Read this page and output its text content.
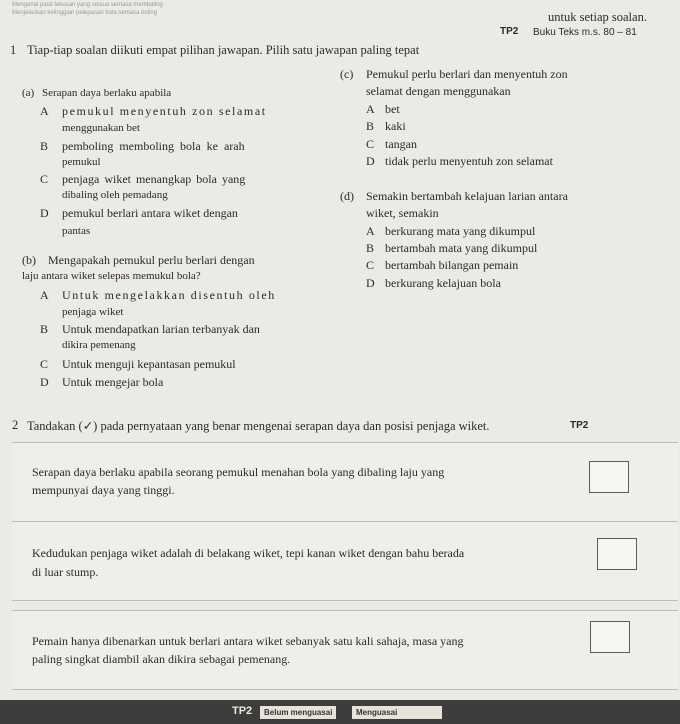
Mengenal pasti tekusan yang sesuai semasa membaling
Menjelaskan kelinggian pelepasan bola semasa boling	untuk setiap soalan.
TP2 Buku Teks m.s. 80 – 81
1 Tiap-tiap soalan diikuti empat pilihan jawapan. Pilih satu jawapan paling tepat
(a) Serapan daya berlaku apabila
A pemukul menyentuh zon selamat
menggunakan bet
B pemboling memboling bola ke arah
pemukul
C penjaga wiket menangkap bola yang
dibaling oleh pemadang
D pemukul berlari antara wiket dengan
pantas
(b) Mengapakah pemukul perlu berlari dengan
laju antara wiket selepas memukul bola?
A Untuk mengelakkan disentuh oleh
penjaga wiket
B Untuk mendapatkan larian terbanyak dan
dikira pemenang
C Untuk menguji kepantasan pemukul
D Untuk mengejar bola
(c) Pemukul perlu berlari dan menyentuh zon
selamat dengan menggunakan
A bet
B kaki
C tangan
D tidak perlu menyentuh zon selamat
(d) Semakin bertambah kelajuan larian antara
wiket, semakin
A berkurang mata yang dikumpul
B bertambah mata yang dikumpul
C bertambah bilangan pemain
D berkurang kelajuan bola
2 Tandakan (✓) pada pernyataan yang benar mengenai serapan daya dan posisi penjaga wiket.	TP2
Serapan daya berlaku apabila seorang pemukul menahan bola yang dibaling laju yang
mempunyai daya yang tinggi.
Kedudukan penjaga wiket adalah di belakang wiket, tepi kanan wiket dengan bahu berada
di luar stump.
Pemain hanya dibenarkan untuk berlari antara wiket sebanyak satu kali sahaja, masa yang
paling singkat diambil akan dikira sebagai pemenang.
TP2	Belum menguasai	Menguasai
